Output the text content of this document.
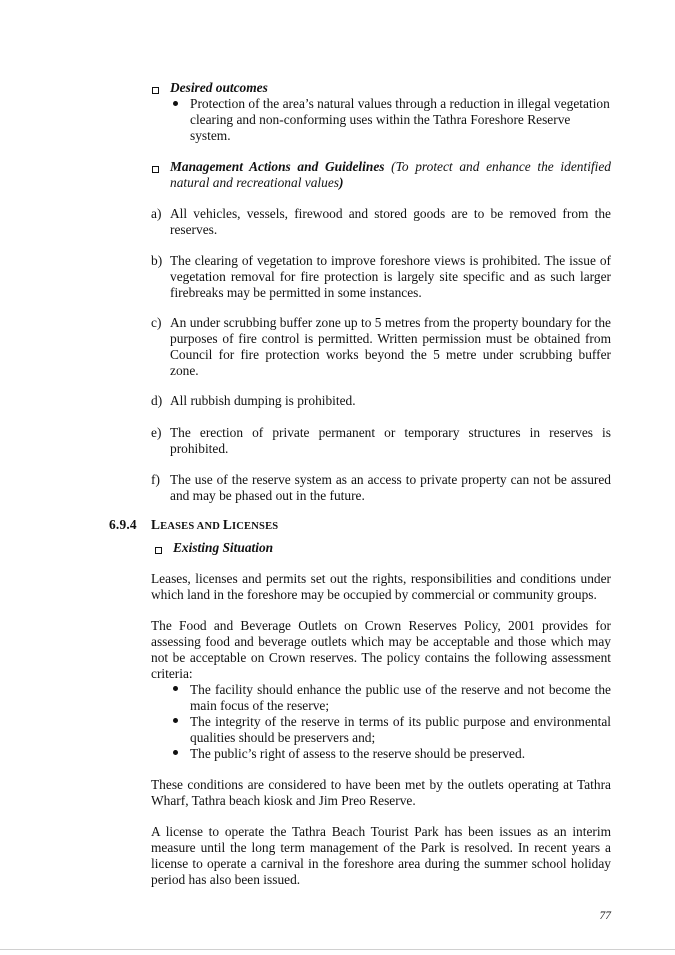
Desired outcomes
Protection of the area’s natural values through a reduction in illegal vegetation clearing and non-conforming uses within the Tathra Foreshore Reserve system.
Management Actions and Guidelines (To protect and enhance the identified natural and recreational values)
a) All vehicles, vessels, firewood and stored goods are to be removed from the reserves.
b) The clearing of vegetation to improve foreshore views is prohibited. The issue of vegetation removal for fire protection is largely site specific and as such larger firebreaks may be permitted in some instances.
c) An under scrubbing buffer zone up to 5 metres from the property boundary for the purposes of fire control is permitted. Written permission must be obtained from Council for fire protection works beyond the 5 metre under scrubbing buffer zone.
d) All rubbish dumping is prohibited.
e) The erection of private permanent or temporary structures in reserves is prohibited.
f) The use of the reserve system as an access to private property can not be assured and may be phased out in the future.
6.9.4 LEASES AND LICENSES
Existing Situation
Leases, licenses and permits set out the rights, responsibilities and conditions under which land in the foreshore may be occupied by commercial or community groups.
The Food and Beverage Outlets on Crown Reserves Policy, 2001 provides for assessing food and beverage outlets which may be acceptable and those which may not be acceptable on Crown reserves. The policy contains the following assessment criteria:
The facility should enhance the public use of the reserve and not become the main focus of the reserve;
The integrity of the reserve in terms of its public purpose and environmental qualities should be preservers and;
The public’s right of assess to the reserve should be preserved.
These conditions are considered to have been met by the outlets operating at Tathra Wharf, Tathra beach kiosk and Jim Preo Reserve.
A license to operate the Tathra Beach Tourist Park has been issues as an interim measure until the long term management of the Park is resolved. In recent years a license to operate a carnival in the foreshore area during the summer school holiday period has also been issued.
77
